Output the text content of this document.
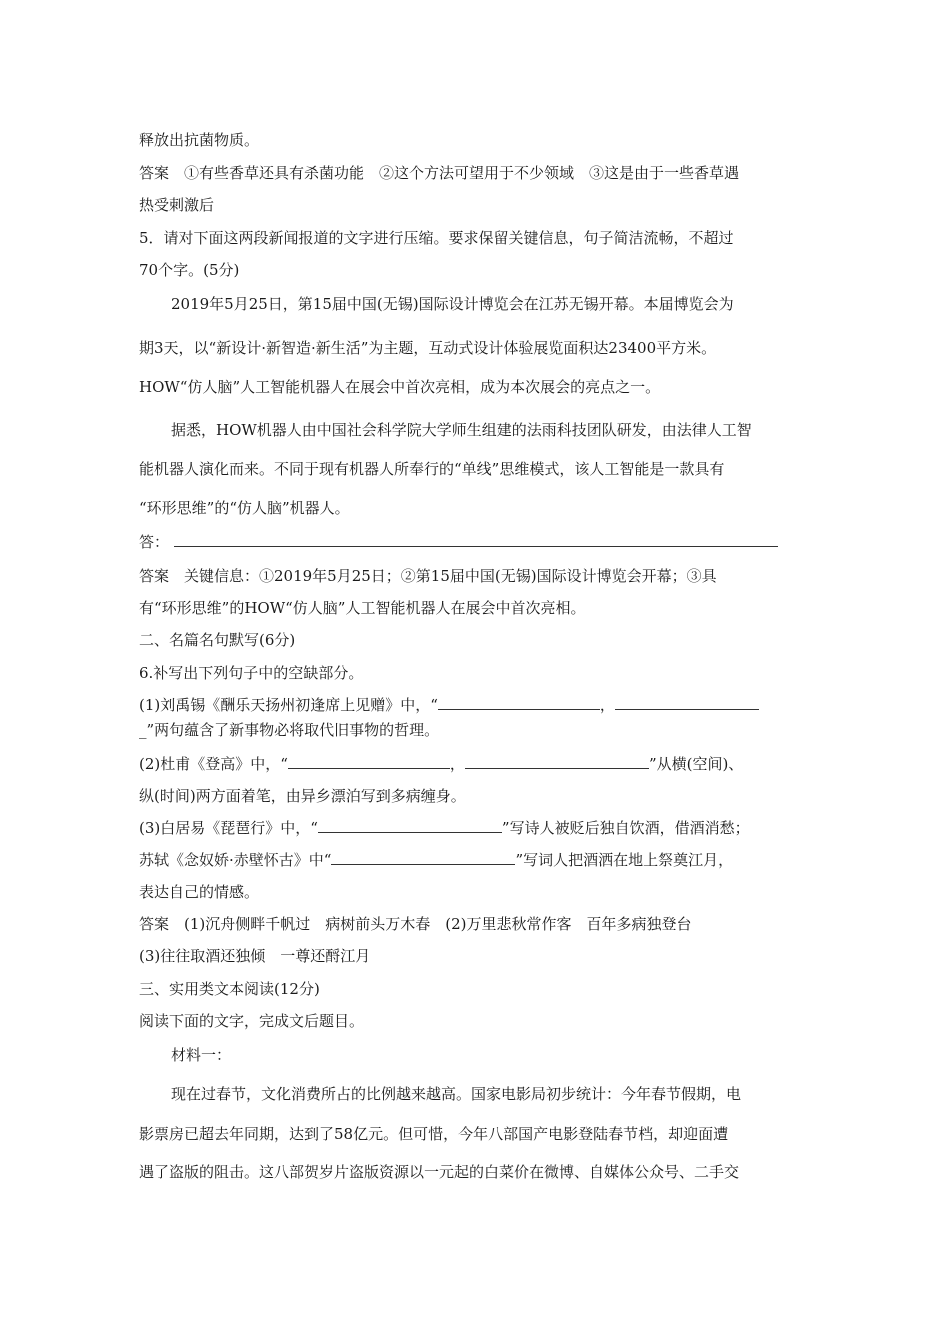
释放出抗菌物质。
答案　①有些香草还具有杀菌功能　②这个方法可望用于不少领域　③这是由于一些香草遇
热受刺激后
5．请对下面这两段新闻报道的文字进行压缩。要求保留关键信息，句子简洁流畅，不超过
70个字。(5分)
2019年5月25日，第15届中国(无锡)国际设计博览会在江苏无锡开幕。本届博览会为
期3天，以“新设计·新智造·新生活”为主题，互动式设计体验展览面积达23400平方米。
HOW“仿人脑”人工智能机器人在展会中首次亮相，成为本次展会的亮点之一。
据悉，HOW机器人由中国社会科学院大学师生组建的法雨科技团队研发，由法律人工智
能机器人演化而来。不同于现有机器人所奉行的“单线”思维模式，该人工智能是一款具有
“环形思维”的“仿人脑”机器人。
答：
答案　关键信息：①2019年5月25日；②第15届中国(无锡)国际设计博览会开幕；③具
有“环形思维”的HOW“仿人脑”人工智能机器人在展会中首次亮相。
二、名篇名句默写(6分)
6.补写出下列句子中的空缺部分。
(1)刘禹锡《酬乐天扬州初逢席上见赠》中，“	，
_”两句蕴含了新事物必将取代旧事物的哲理。
(2)杜甫《登高》中，“	，	”从横(空间)、
纵(时间)两方面着笔，由异乡漂泊写到多病缠身。
(3)白居易《琵琶行》中，“	”写诗人被贬后独自饮酒，借酒消愁；
苏轼《念奴娇·赤壁怀古》中“	”写词人把酒洒在地上祭奠江月，
表达自己的情感。
答案　(1)沉舟侧畔千帆过　病树前头万木春　(2)万里悲秋常作客　百年多病独登台
(3)往往取酒还独倾　一尊还酹江月
三、实用类文本阅读(12分)
阅读下面的文字，完成文后题目。
材料一：
现在过春节，文化消费所占的比例越来越高。国家电影局初步统计：今年春节假期，电
影票房已超去年同期，达到了58亿元。但可惜，今年八部国产电影登陆春节档，却迎面遭
遇了盗版的阻击。这八部贺岁片盗版资源以一元起的白菜价在微博、自媒体公众号、二手交
